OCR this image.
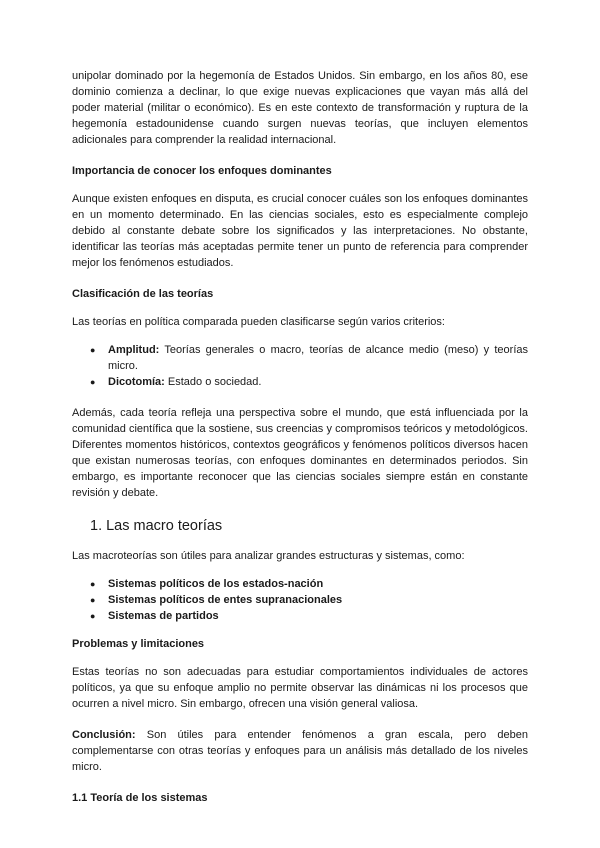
unipolar dominado por la hegemonía de Estados Unidos. Sin embargo, en los años 80, ese dominio comienza a declinar, lo que exige nuevas explicaciones que vayan más allá del poder material (militar o económico). Es en este contexto de transformación y ruptura de la hegemonía estadounidense cuando surgen nuevas teorías, que incluyen elementos adicionales para comprender la realidad internacional.

Importancia de conocer los enfoques dominantes

Aunque existen enfoques en disputa, es crucial conocer cuáles son los enfoques dominantes en un momento determinado. En las ciencias sociales, esto es especialmente complejo debido al constante debate sobre los significados y las interpretaciones. No obstante, identificar las teorías más aceptadas permite tener un punto de referencia para comprender mejor los fenómenos estudiados.

Clasificación de las teorías

Las teorías en política comparada pueden clasificarse según varios criterios:

● Amplitud: Teorías generales o macro, teorías de alcance medio (meso) y teorías micro.
● Dicotomía: Estado o sociedad.

Además, cada teoría refleja una perspectiva sobre el mundo, que está influenciada por la comunidad científica que la sostiene, sus creencias y compromisos teóricos y metodológicos. Diferentes momentos históricos, contextos geográficos y fenómenos políticos diversos hacen que existan numerosas teorías, con enfoques dominantes en determinados periodos. Sin embargo, es importante reconocer que las ciencias sociales siempre están en constante revisión y debate.

1. Las macro teorías

Las macroteorías son útiles para analizar grandes estructuras y sistemas, como:

● Sistemas políticos de los estados-nación
● Sistemas políticos de entes supranacionales
● Sistemas de partidos
Problemas y limitaciones

Estas teorías no son adecuadas para estudiar comportamientos individuales de actores políticos, ya que su enfoque amplio no permite observar las dinámicas ni los procesos que ocurren a nivel micro. Sin embargo, ofrecen una visión general valiosa.

Conclusión: Son útiles para entender fenómenos a gran escala, pero deben complementarse con otras teorías y enfoques para un análisis más detallado de los niveles micro.

1.1 Teoría de los sistemas
